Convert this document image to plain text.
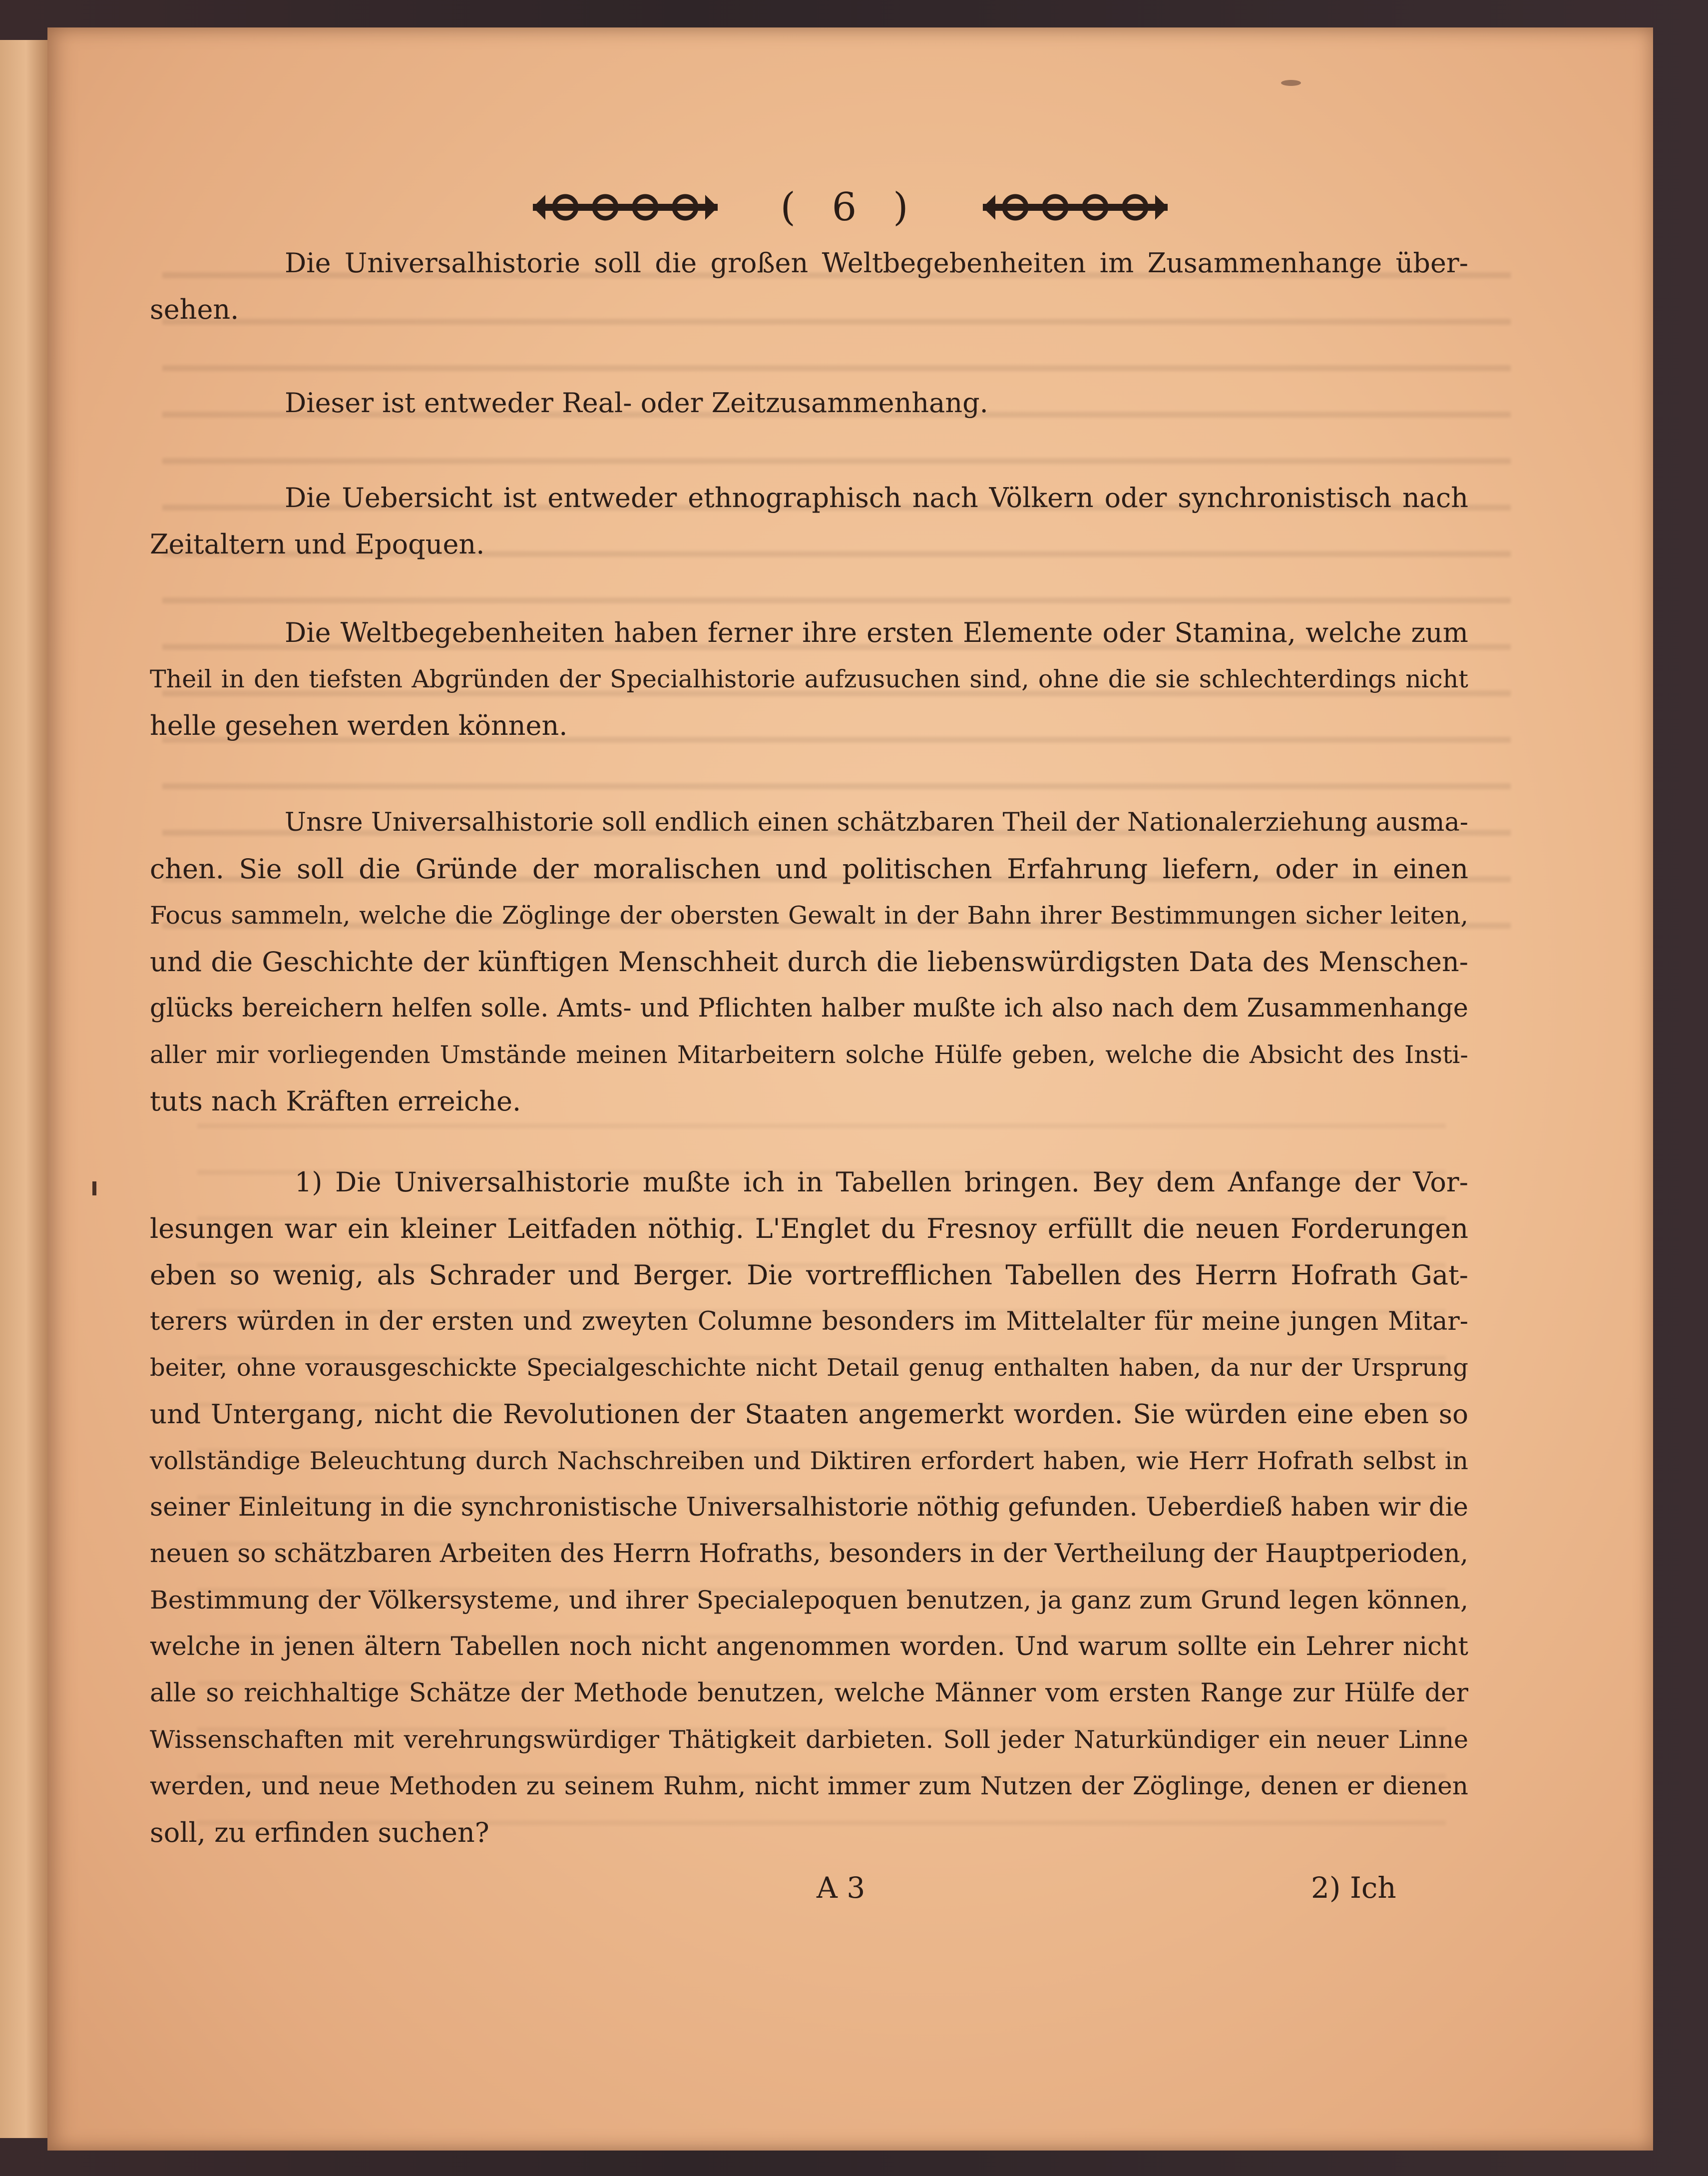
( 6 )
Die Universalhistorie soll die großen Weltbegebenheiten im Zusammenhange über-
sehen.
Dieser ist entweder Real- oder Zeitzusammenhang.
Die Uebersicht ist entweder ethnographisch nach Völkern oder synchronistisch nach
Zeitaltern und Epoquen.
Die Weltbegebenheiten haben ferner ihre ersten Elemente oder Stamina, welche zum
Theil in den tiefsten Abgründen der Specialhistorie aufzusuchen sind, ohne die sie schlechterdings nicht
helle gesehen werden können.
Unsre Universalhistorie soll endlich einen schätzbaren Theil der Nationalerziehung ausma-
chen. Sie soll die Gründe der moralischen und politischen Erfahrung liefern, oder in einen
Focus sammeln, welche die Zöglinge der obersten Gewalt in der Bahn ihrer Bestimmungen sicher leiten,
und die Geschichte der künftigen Menschheit durch die liebenswürdigsten Data des Menschen-
glücks bereichern helfen solle. Amts- und Pflichten halber mußte ich also nach dem Zusammenhange
aller mir vorliegenden Umstände meinen Mitarbeitern solche Hülfe geben, welche die Absicht des Insti-
tuts nach Kräften erreiche.
1) Die Universalhistorie mußte ich in Tabellen bringen. Bey dem Anfange der Vor-
lesungen war ein kleiner Leitfaden nöthig. L'Englet du Fresnoy erfüllt die neuen Forderungen
eben so wenig, als Schrader und Berger. Die vortrefflichen Tabellen des Herrn Hofrath Gat-
terers würden in der ersten und zweyten Columne besonders im Mittelalter für meine jungen Mitar-
beiter, ohne vorausgeschickte Specialgeschichte nicht Detail genug enthalten haben, da nur der Ursprung
und Untergang, nicht die Revolutionen der Staaten angemerkt worden. Sie würden eine eben so
vollständige Beleuchtung durch Nachschreiben und Diktiren erfordert haben, wie Herr Hofrath selbst in
seiner Einleitung in die synchronistische Universalhistorie nöthig gefunden. Ueberdieß haben wir die
neuen so schätzbaren Arbeiten des Herrn Hofraths, besonders in der Vertheilung der Hauptperioden,
Bestimmung der Völkersysteme, und ihrer Specialepoquen benutzen, ja ganz zum Grund legen können,
welche in jenen ältern Tabellen noch nicht angenommen worden. Und warum sollte ein Lehrer nicht
alle so reichhaltige Schätze der Methode benutzen, welche Männer vom ersten Range zur Hülfe der
Wissenschaften mit verehrungswürdiger Thätigkeit darbieten. Soll jeder Naturkündiger ein neuer Linne
werden, und neue Methoden zu seinem Ruhm, nicht immer zum Nutzen der Zöglinge, denen er dienen
soll, zu erfinden suchen?
A 3	2) Ich
